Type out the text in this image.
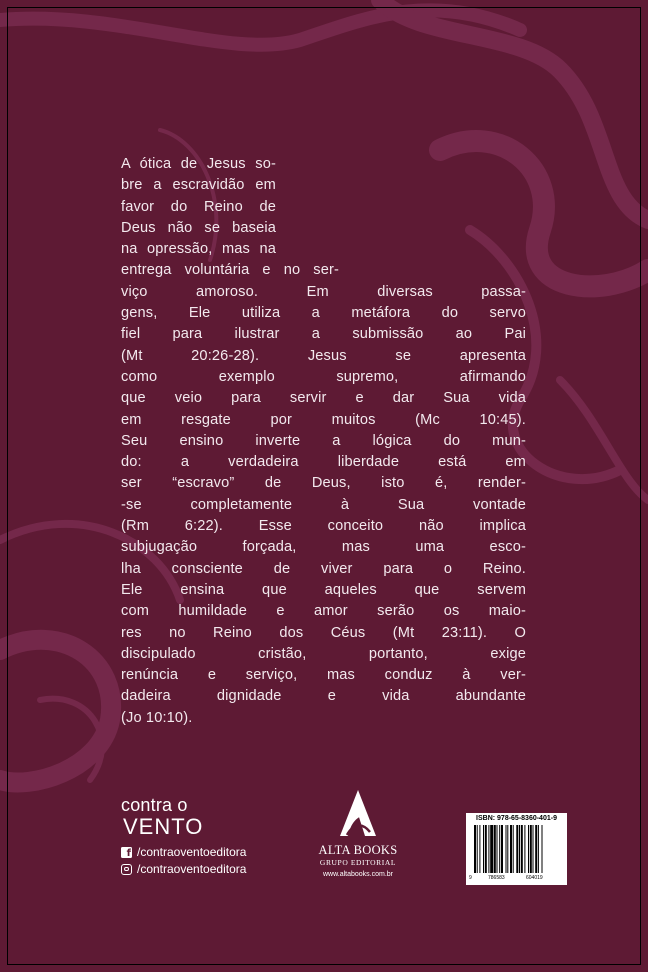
A ótica de Jesus so-
bre a escravidão em
favor do Reino de
Deus não se baseia
na opressão, mas na
entrega voluntária e no ser-
viço amoroso. Em diversas passa-
gens, Ele utiliza a metáfora do servo
fiel para ilustrar a submissão ao Pai
(Mt 20:26-28). Jesus se apresenta
como exemplo supremo, afirmando
que veio para servir e dar Sua vida
em resgate por muitos (Mc 10:45).
Seu ensino inverte a lógica do mun-
do: a verdadeira liberdade está em
ser “escravo” de Deus, isto é, render-
-se completamente à Sua vontade
(Rm 6:22). Esse conceito não implica
subjugação forçada, mas uma esco-
lha consciente de viver para o Reino.
Ele ensina que aqueles que servem
com humildade e amor serão os maio-
res no Reino dos Céus (Mt 23:11). O
discipulado cristão, portanto, exige
renúncia e serviço, mas conduz à ver-
dadeira dignidade e vida abundante
(Jo 10:10).
contra o
VENTO
f
/contraoventoeditora
/contraoventoeditora
ALTA BOOKS
GRUPO EDITORIAL
www.altabooks.com.br
ISBN: 978-65-8360-401-9
9	786583	604019
